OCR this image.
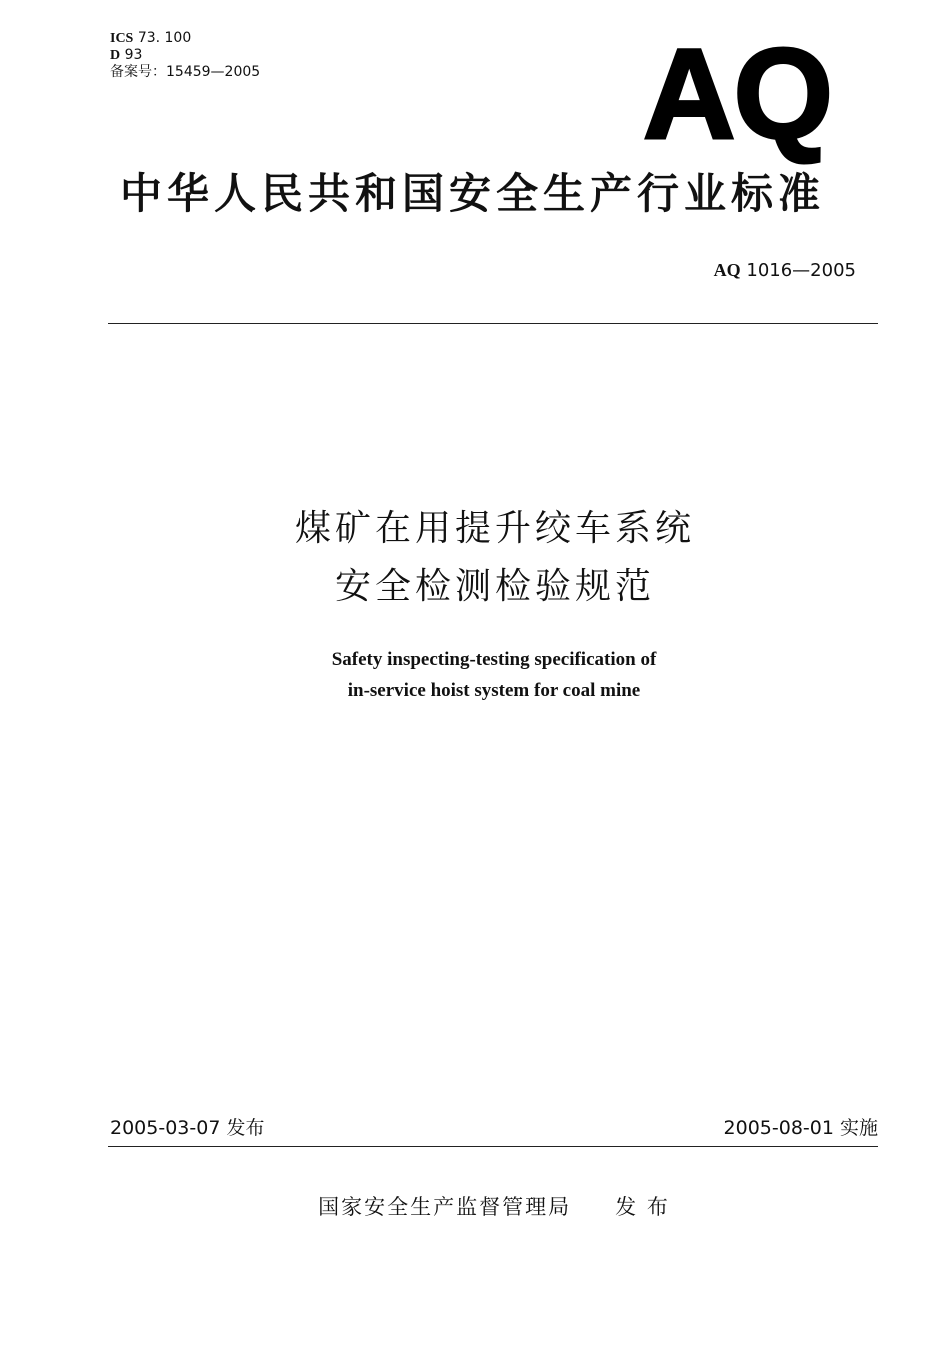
ICS 73. 100
D 93
备案号：15459—2005	AQ
中华人民共和国安全生产行业标准
AQ 1016—2005
煤矿在用提升绞车系统
安全检测检验规范
Safety inspecting-testing specification of
in-service hoist system for coal mine
2005-03-07 发布	2005-08-01 实施
国家安全生产监督管理局 发 布
